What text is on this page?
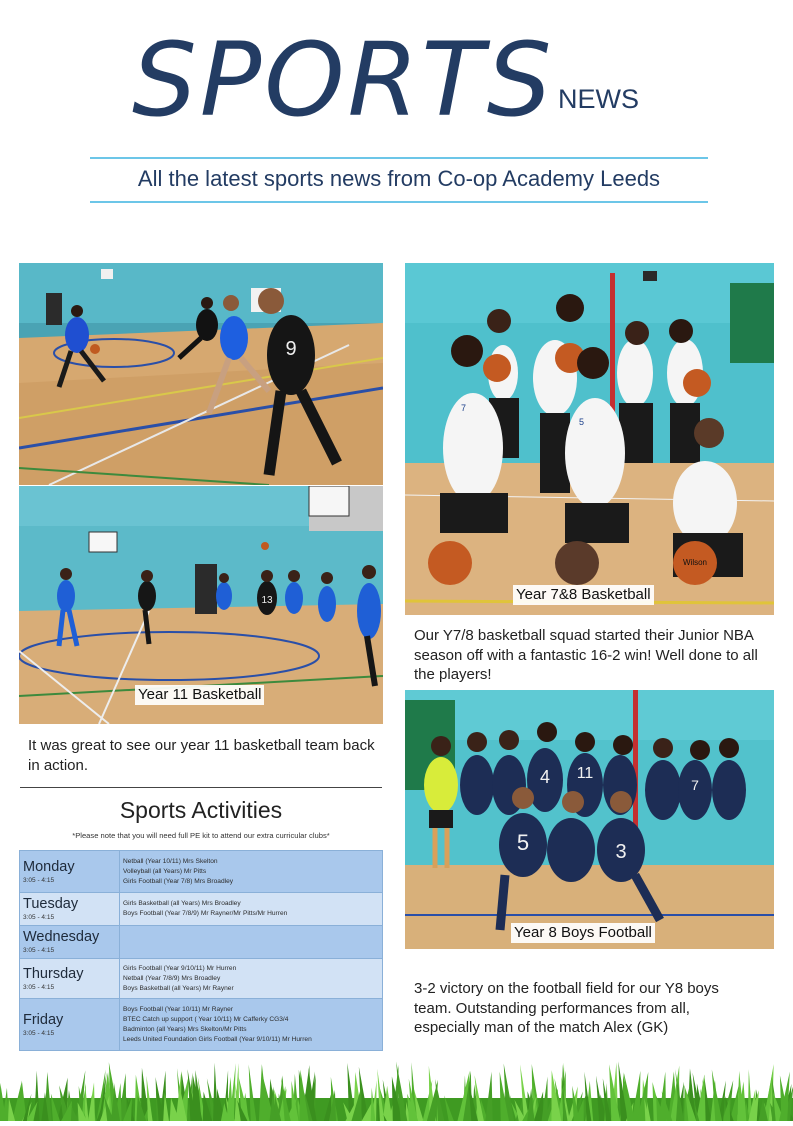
SPORTS NEWS
All the latest sports news from Co-op Academy Leeds
9
13
Year 11 Basketball
It was great to see our year 11 basketball team back in action.
7
5
Wilson
Year 7&8 Basketball
Our Y7/8 basketball squad started their Junior NBA season off with a fantastic 16-2 win! Well done to all the players!
4 11
7
5	3
Year 8 Boys Football
3-2 victory on the football field for our Y8 boys team. Outstanding performances from all, especially man of the match Alex (GK)
Sports Activities
*Please note that you will need full PE kit to attend our extra curricular clubs*
Monday
3:05 - 4:15	Netball (Year 10/11) Mrs Skelton
Volleyball (all Years) Mr Pitts
Girls Football (Year 7/8) Mrs Broadley

Tuesday
3:05 - 4:15	Girls Basketball (all Years) Mrs Broadley
Boys Football (Year 7/8/9) Mr Rayner/Mr Pitts/Mr Hurren

Wednesday
3:05 - 4:15	

Thursday
3:05 - 4:15	Girls Football (Year 9/10/11) Mr Hurren
Netball (Year 7/8/9) Mrs Broadley
Boys Basketball (all Years) Mr Rayner

Friday
3:05 - 4:15	Boys Football (Year 10/11) Mr Rayner
BTEC Catch up support ( Year 10/11) Mr Cafferky CG3/4
Badminton (all Years) Mrs Skelton/Mr Pitts
Leeds United Foundation Girls Football (Year 9/10/11) Mr Hurren
